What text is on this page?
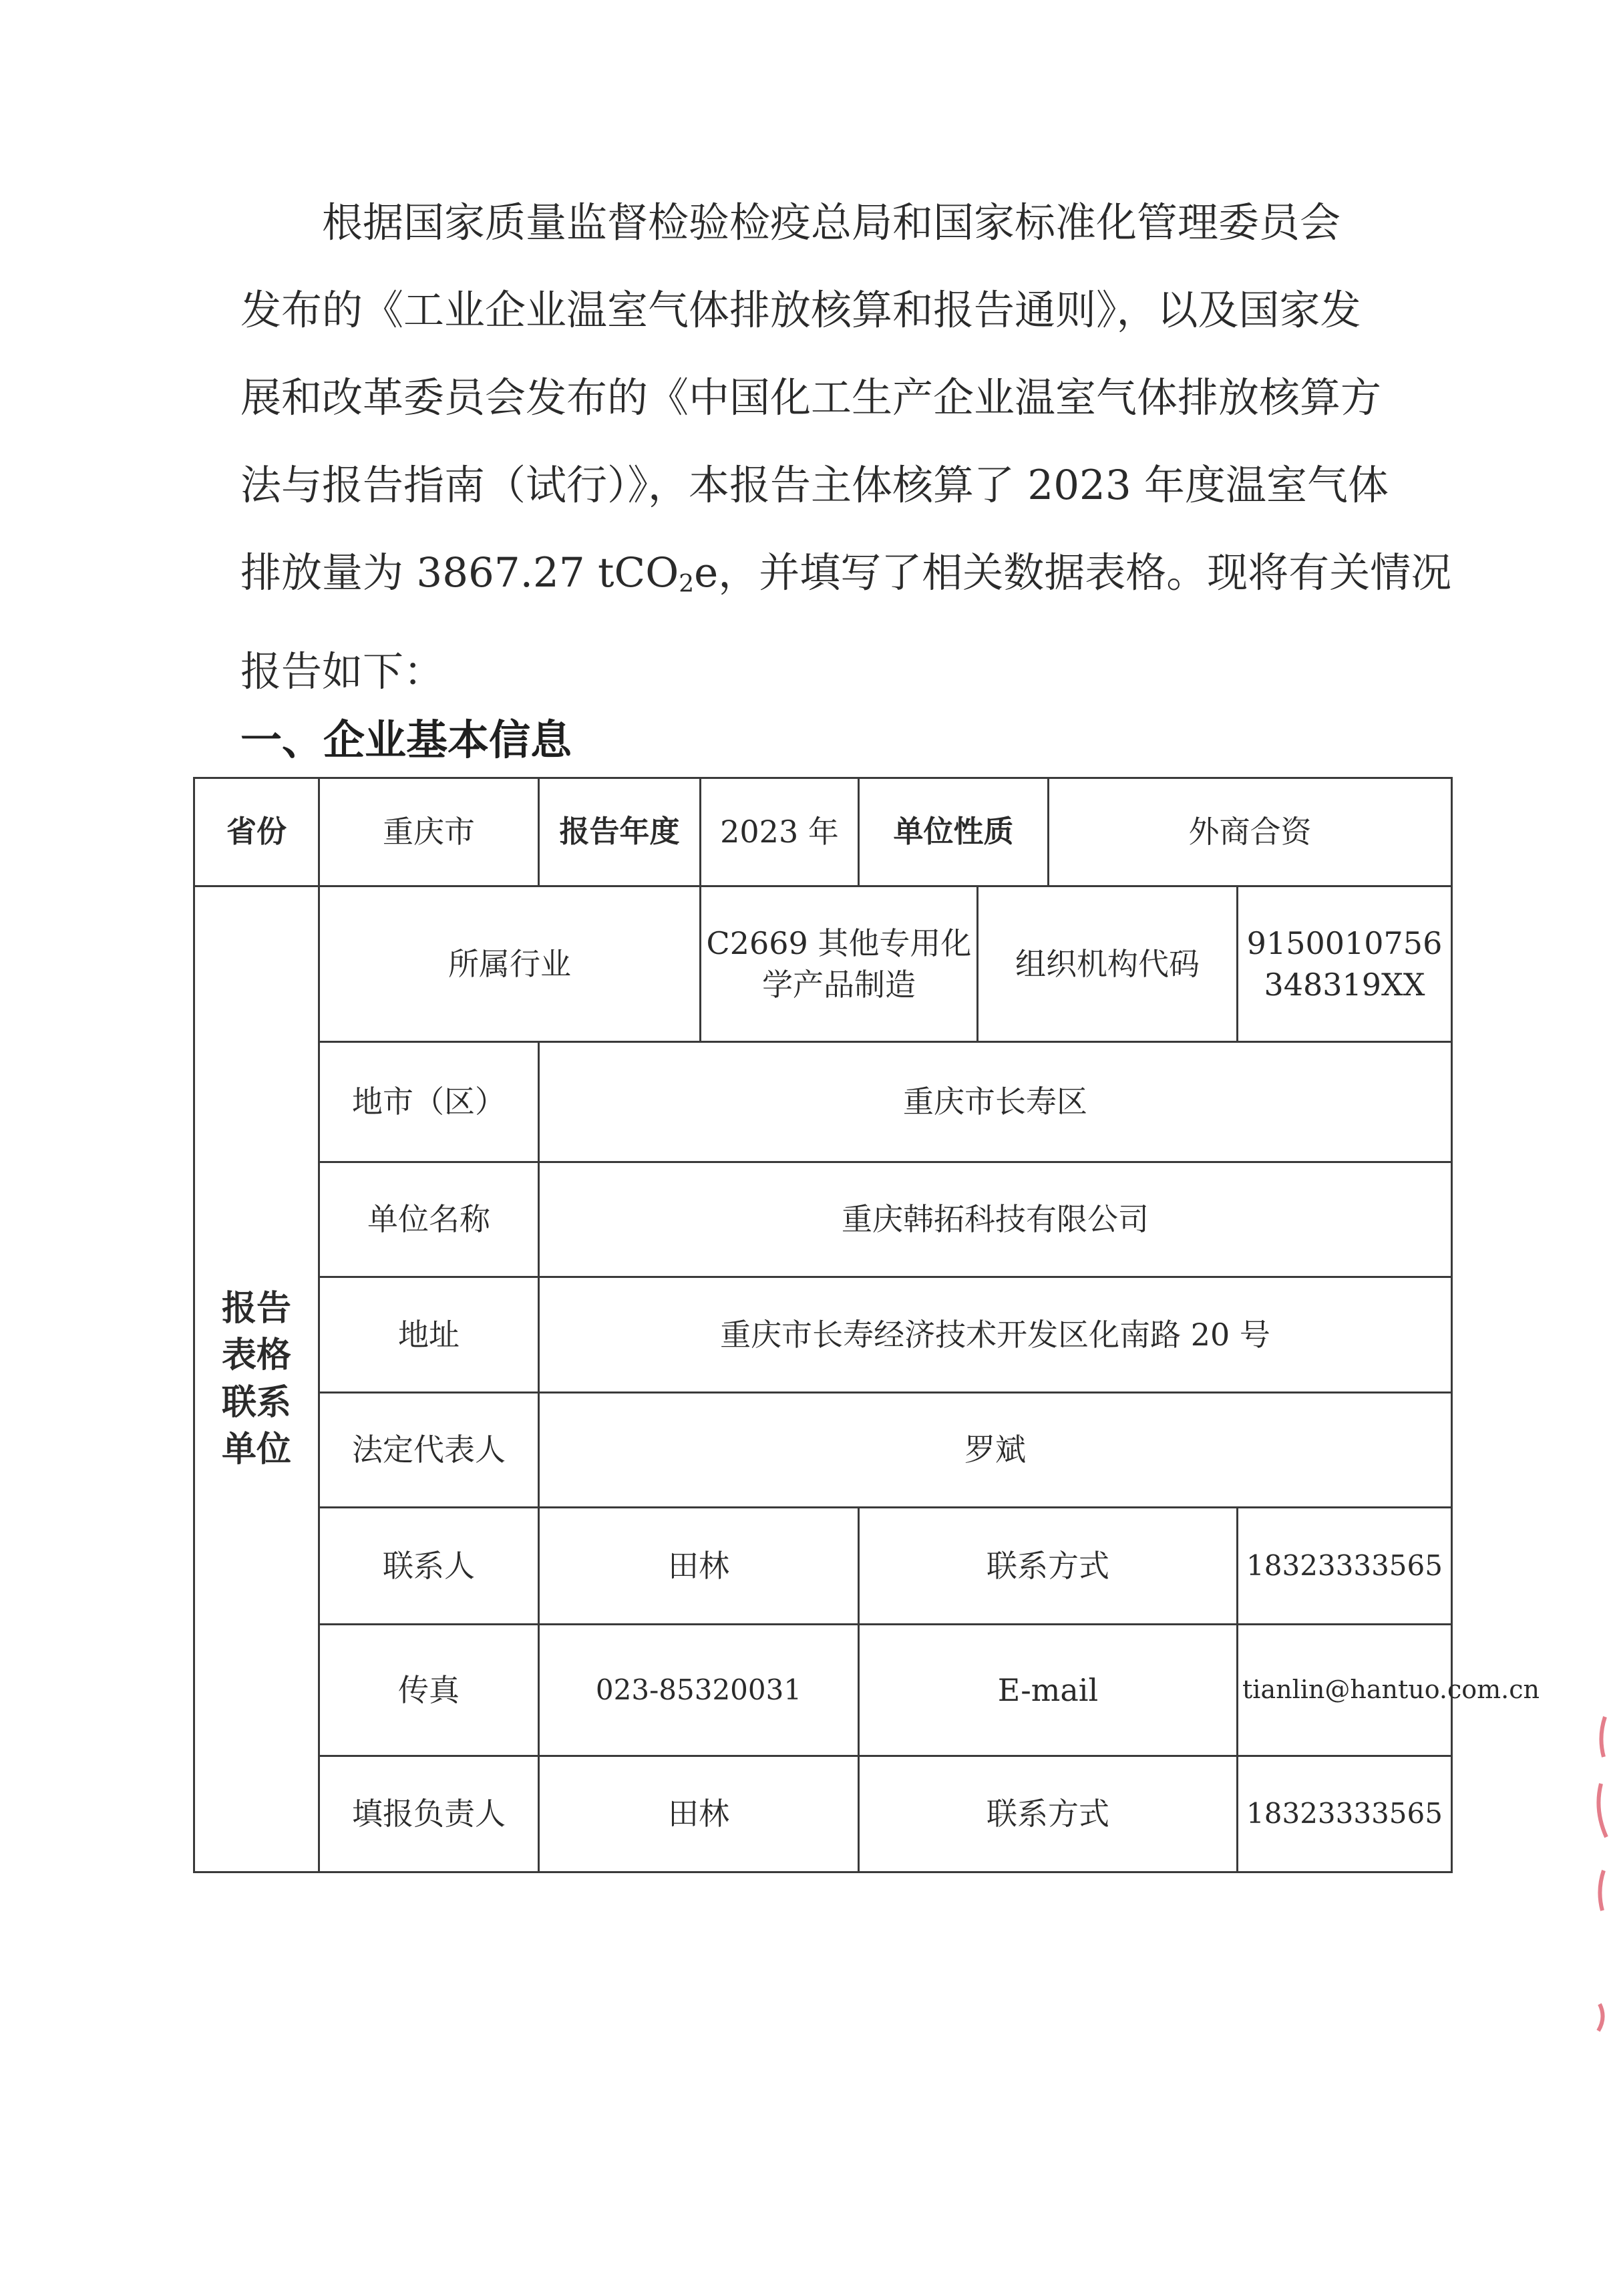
根据国家质量监督检验检疫总局和国家标准化管理委员会
发布的《工业企业温室气体排放核算和报告通则》，以及国家发
展和改革委员会发布的《中国化工生产企业温室气体排放核算方
法与报告指南（试行）》，本报告主体核算了 2023 年度温室气体
排放量为 3867.27 tCO$_2$e，并填写了相关数据表格。现将有关情况
报告如下：
一、企业基本信息
省份	重庆市	报告年度	2023 年	单位性质		外商合资	
报告
表格
联系
单位	所属行业		C2669 其他专用化学产品制造		组织机构代码		9150010756348319XX
	地市（区）	重庆市长寿区					
	单位名称	重庆韩拓科技有限公司					
	地址	重庆市长寿经济技术开发区化南路 20 号					
	法定代表人	罗斌					
	联系人	田林		联系方式			18323333565
	传真	023-85320031		E-mail			tianlin@hantuo.com.cn
	填报负责人	田林		联系方式			18323333565
